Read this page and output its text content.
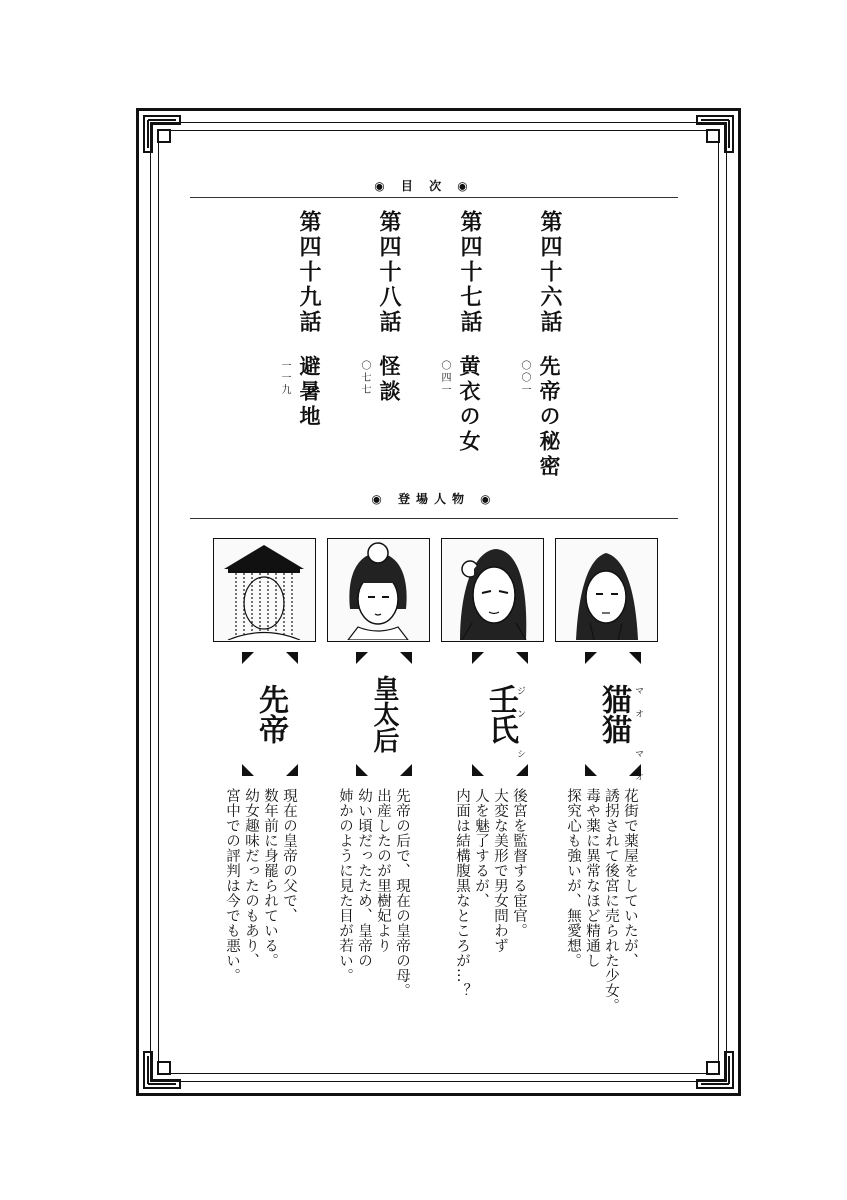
◉ 目 次 ◉
第四十六話
〇〇一 先帝の秘密
第四十七話
〇四一 黄衣の女
第四十八話
〇七七 怪談
第四十九話
一一九 避暑地
◉ 登場人物 ◉
猫猫 マオ マオ
壬氏
ジン シ
皇太后
先帝
花街で薬屋をしていたが、
誘拐されて後宮に売られた少女。
毒や薬に異常なほど精通し
探究心も強いが、無愛想。
後宮を監督する宦官。
大変な美形で男女問わず
人を魅了するが、
内面は結構腹黒なところが…？
先帝の后で、現在の皇帝の母。
出産したのが里樹妃より
幼い頃だったため、皇帝の
姉かのように見た目が若い。
現在の皇帝の父で、
数年前に身罷られている。
幼女趣味だったのもあり、
宮中での評判は今でも悪い。
